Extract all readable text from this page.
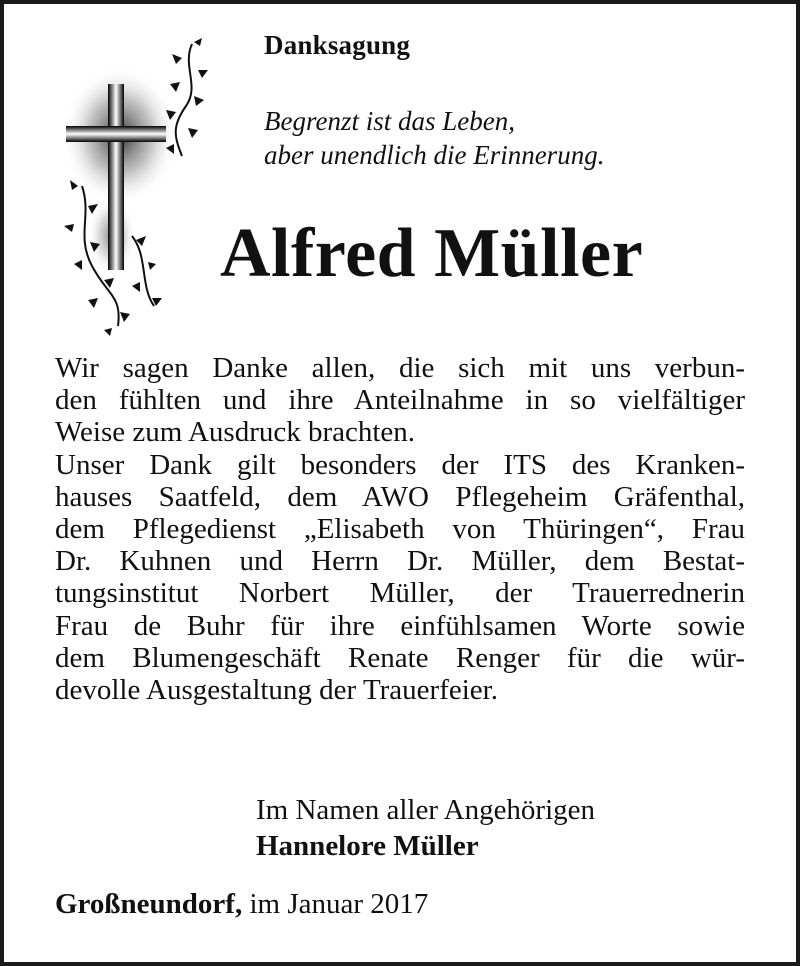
Danksagung
Begrenzt ist das Leben,
aber unendlich die Erinnerung.
Alfred Müller
Wir sagen Danke allen, die sich mit uns verbun-
den fühlten und ihre Anteilnahme in so vielfältiger
Weise zum Ausdruck brachten.
Unser Dank gilt besonders der ITS des Kranken-
hauses Saatfeld, dem AWO Pflegeheim Gräfenthal,
dem Pflegedienst „Elisabeth von Thüringen“, Frau
Dr. Kuhnen und Herrn Dr. Müller, dem Bestat-
tungsinstitut Norbert Müller, der Trauerrednerin
Frau de Buhr für ihre einfühlsamen Worte sowie
dem Blumengeschäft Renate Renger für die wür-
devolle Ausgestaltung der Trauerfeier.
Im Namen aller Angehörigen
Hannelore Müller
Großneundorf, im Januar 2017
